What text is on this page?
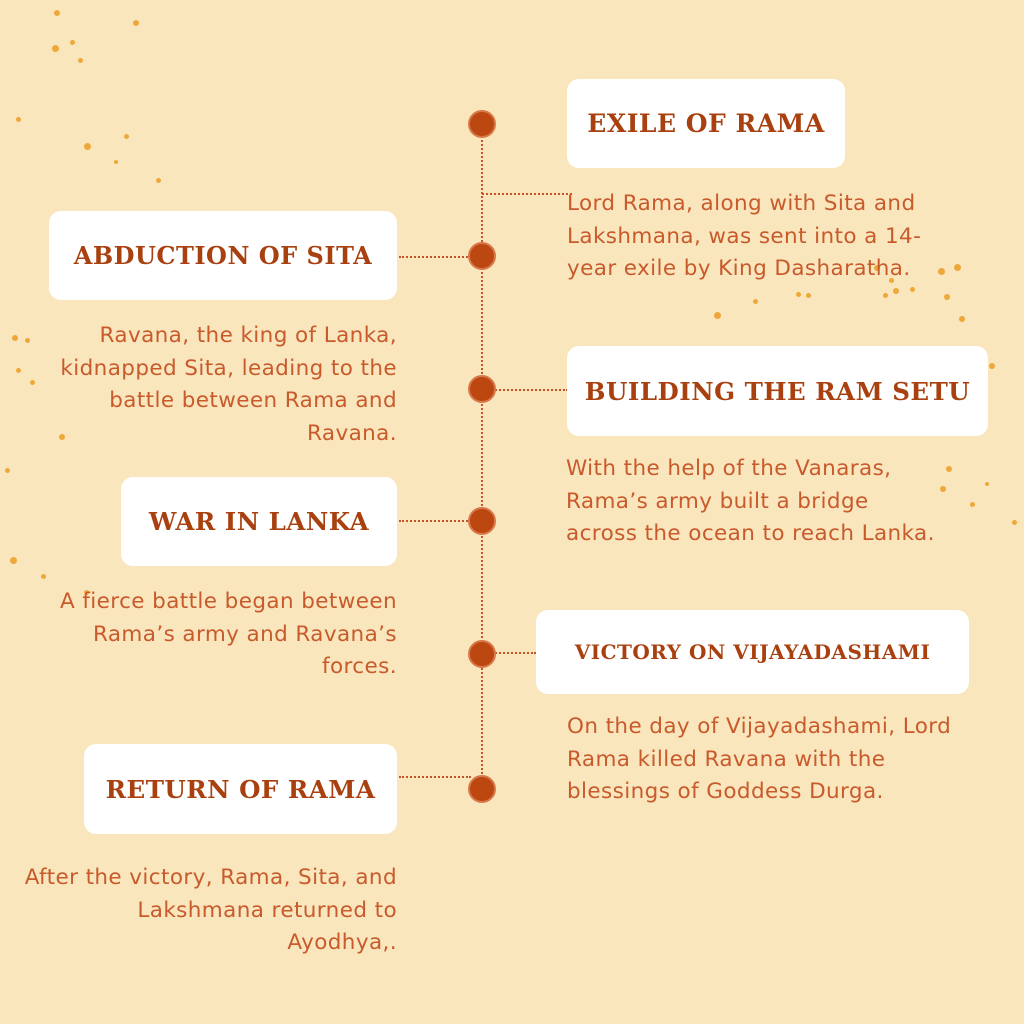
EXILE OF RAMA
Lord Rama, along with Sita and Lakshmana, was sent into a 14-year exile by King Dasharatha.
ABDUCTION OF SITA
Ravana, the king of Lanka, kidnapped Sita, leading to the battle between Rama and Ravana.
BUILDING THE RAM SETU
With the help of the Vanaras, Rama’s army built a bridge across the ocean to reach Lanka.
WAR IN LANKA
A fierce battle began between Rama’s army and Ravana’s forces.
VICTORY ON VIJAYADASHAMI
On the day of Vijayadashami, Lord Rama killed Ravana with the blessings of Goddess Durga.
RETURN OF RAMA
After the victory, Rama, Sita, and Lakshmana returned to Ayodhya,.
